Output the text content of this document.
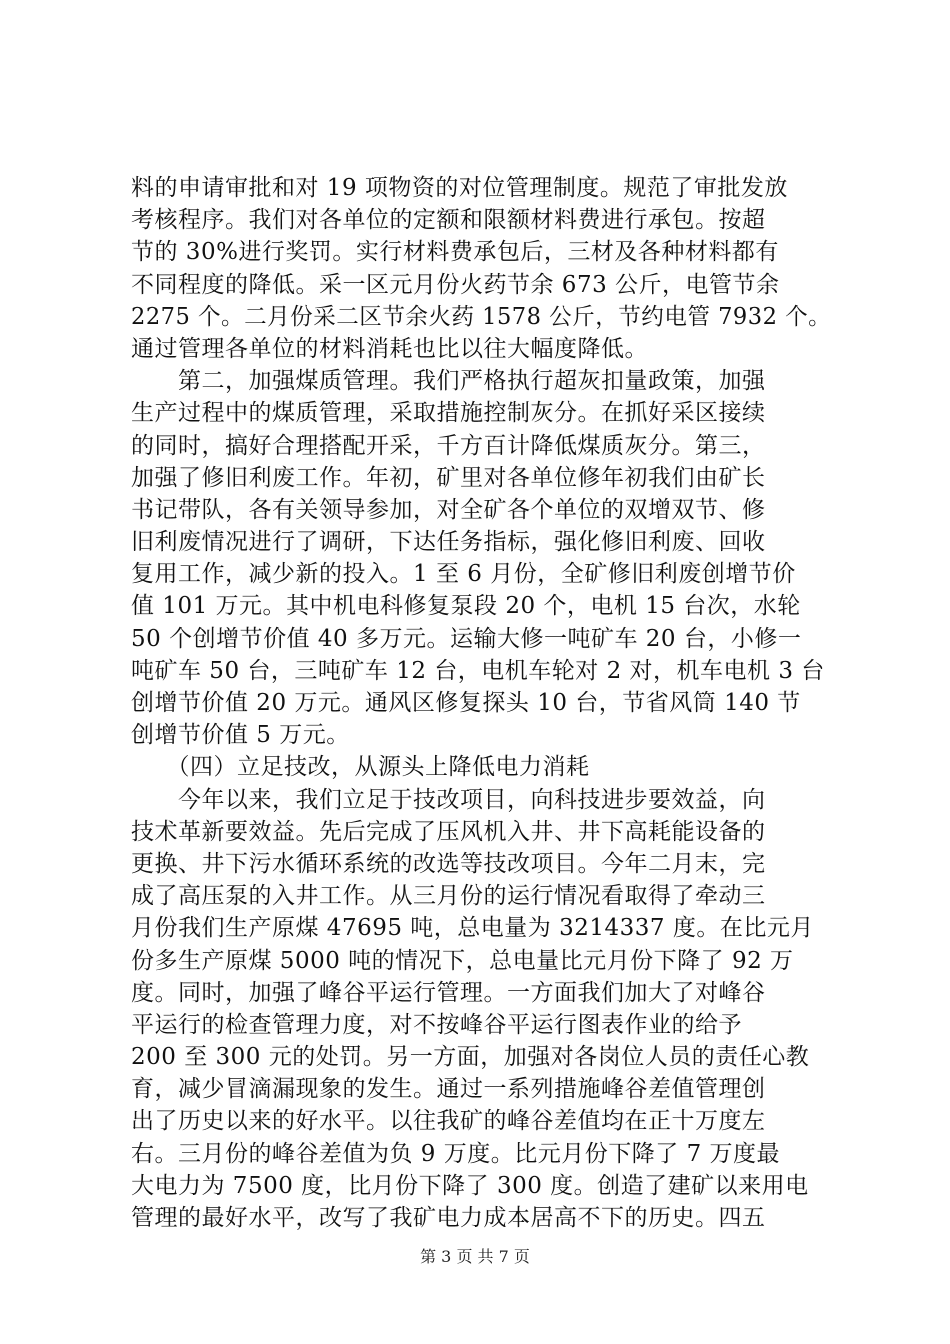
料的申请审批和对 19 项物资的对位管理制度。规范了审批发放
考核程序。我们对各单位的定额和限额材料费进行承包。按超
节的 30%进行奖罚。实行材料费承包后，三材及各种材料都有
不同程度的降低。采一区元月份火药节余 673 公斤，电管节余
2275 个。二月份采二区节余火药 1578 公斤，节约电管 7932 个。
通过管理各单位的材料消耗也比以往大幅度降低。
　　第二，加强煤质管理。我们严格执行超灰扣量政策，加强
生产过程中的煤质管理，采取措施控制灰分。在抓好采区接续
的同时，搞好合理搭配开采，千方百计降低煤质灰分。第三，
加强了修旧利废工作。年初，矿里对各单位修年初我们由矿长
书记带队，各有关领导参加，对全矿各个单位的双增双节、修
旧利废情况进行了调研，下达任务指标，强化修旧利废、回收
复用工作，减少新的投入。1 至 6 月份，全矿修旧利废创增节价
值 101 万元。其中机电科修复泵段 20 个，电机 15 台次，水轮
50 个创增节价值 40 多万元。运输大修一吨矿车 20 台，小修一
吨矿车 50 台，三吨矿车 12 台，电机车轮对 2 对，机车电机 3 台
创增节价值 20 万元。通风区修复探头 10 台，节省风筒 140 节
创增节价值 5 万元。
　　（四）立足技改，从源头上降低电力消耗
　　今年以来，我们立足于技改项目，向科技进步要效益，向
技术革新要效益。先后完成了压风机入井、井下高耗能设备的
更换、井下污水循环系统的改选等技改项目。今年二月末，完
成了高压泵的入井工作。从三月份的运行情况看取得了牵动三
月份我们生产原煤 47695 吨，总电量为 3214337 度。在比元月
份多生产原煤 5000 吨的情况下，总电量比元月份下降了 92 万
度。同时，加强了峰谷平运行管理。一方面我们加大了对峰谷
平运行的检查管理力度，对不按峰谷平运行图表作业的给予
200 至 300 元的处罚。另一方面，加强对各岗位人员的责任心教
育，减少冒滴漏现象的发生。通过一系列措施峰谷差值管理创
出了历史以来的好水平。以往我矿的峰谷差值均在正十万度左
右。三月份的峰谷差值为负 9 万度。比元月份下降了 7 万度最
大电力为 7500 度，比月份下降了 300 度。创造了建矿以来用电
管理的最好水平，改写了我矿电力成本居高不下的历史。四五
第 3 页 共 7 页
